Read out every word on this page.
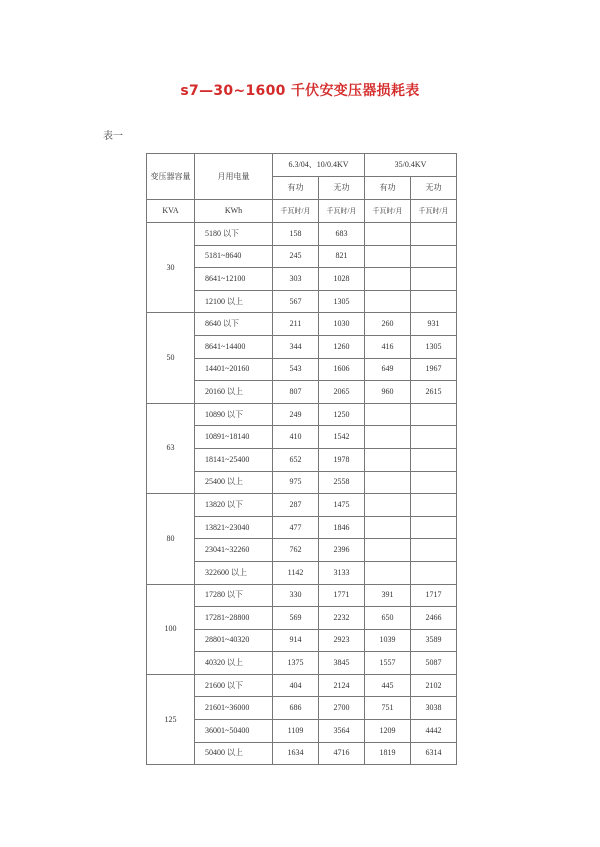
s7—30~1600 千伏安变压器损耗表
表一
变压器容量	月用电量	6.3/04、10/0.4KV		35/0.4KV	
		有功	无功	有功	无功
KVA	KWh	千瓦时/月	千瓦时/月	千瓦时/月	千瓦时/月
30	5180 以下	158	683		
	5181~8640	245	821		
	8641~12100	303	1028		
	12100 以上	567	1305		
50	8640 以下	211	1030	260	931
	8641~14400	344	1260	416	1305
	14401~20160	543	1606	649	1967
	20160 以上	807	2065	960	2615
63	10890 以下	249	1250		
	10891~18140	410	1542		
	18141~25400	652	1978		
	25400 以上	975	2558		
80	13820 以下	287	1475		
	13821~23040	477	1846		
	23041~32260	762	2396		
	322600 以上	1142	3133		
100	17280 以下	330	1771	391	1717
	17281~28800	569	2232	650	2466
	28801~40320	914	2923	1039	3589
	40320 以上	1375	3845	1557	5087
125	21600 以下	404	2124	445	2102
	21601~36000	686	2700	751	3038
	36001~50400	1109	3564	1209	4442
	50400 以上	1634	4716	1819	6314
